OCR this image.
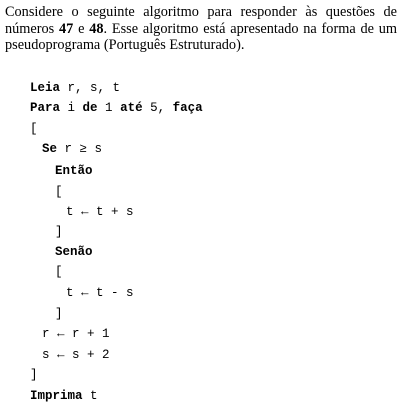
Considere o seguinte algoritmo para responder às questões de números 47 e 48. Esse algoritmo está apresentado na forma de um pseudoprograma (Português Estruturado).

Leia r, s, t
Para i de 1 até 5, faça
[
Se r ≥ s
Então
[
t ← t + s
]
Senão
[
t ← t - s
]
r ← r + 1
s ← s + 2
]
Imprima t
